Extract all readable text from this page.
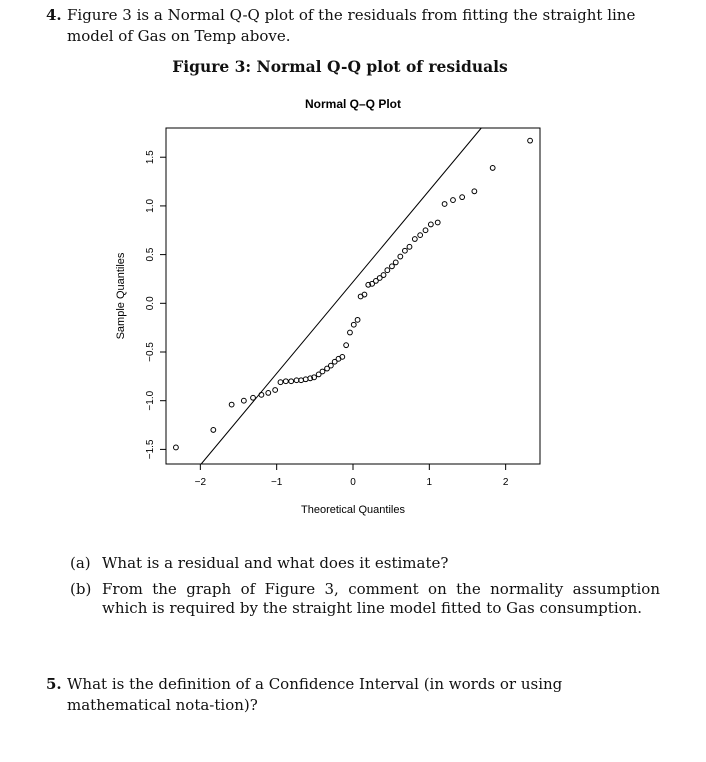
4. Figure 3 is a Normal Q-Q plot of the residuals from fitting the straight line model of Gas on Temp above.
Figure 3: Normal Q-Q plot of residuals
Normal Q–Q Plot
−2	−1	0	1	2
−1.5
−1.0
−0.5
0.0
0.5
1.0
1.5
Theoretical Quantiles
Sample Quantiles
(a) What is a residual and what does it estimate?
(b) From the graph of Figure 3, comment on the normality assumption which is required by the straight line model fitted to Gas consumption.
5. What is the definition of a Confidence Interval (in words or using mathematical nota-tion)?
